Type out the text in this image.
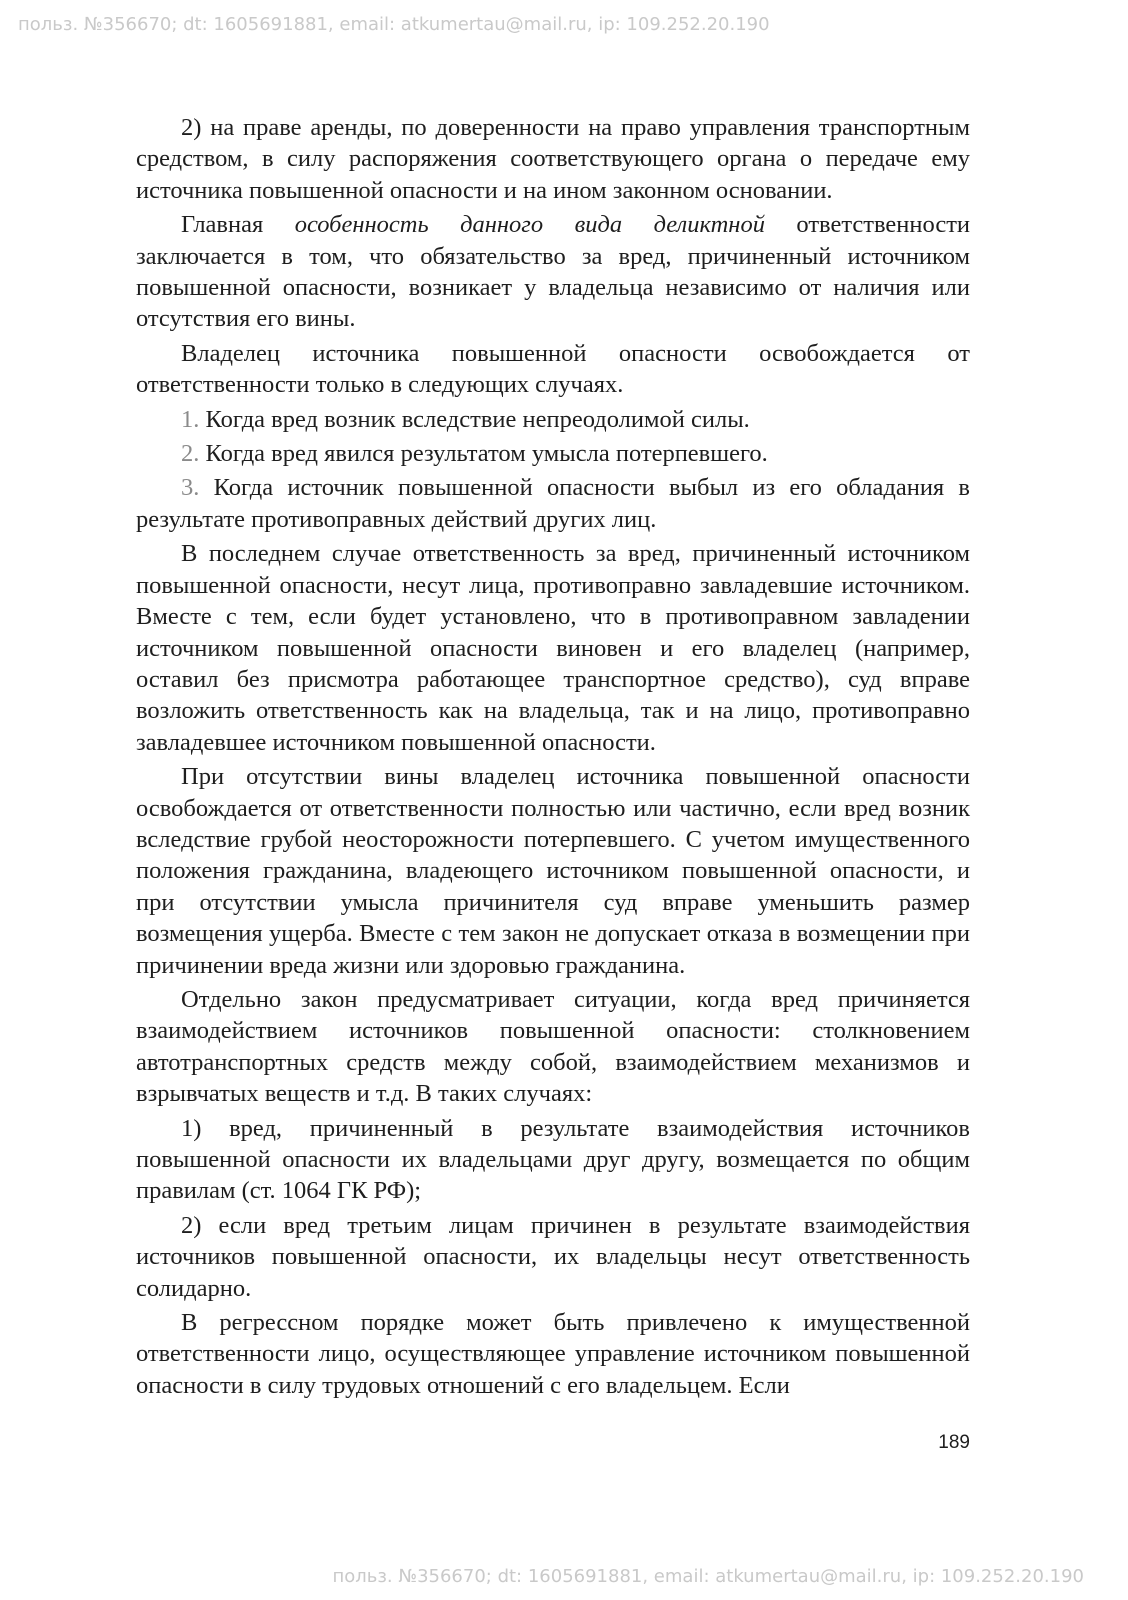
польз. №356670; dt: 1605691881, email: atkumertau@mail.ru, ip: 109.252.20.190

2) на праве аренды, по доверенности на право управления транспортным средством, в силу распоряжения соответствующего органа о передаче ему источника повышенной опасности и на ином законном основании.

Главная особенность данного вида деликтной ответственности заключается в том, что обязательство за вред, причиненный источником повышенной опасности, возникает у владельца независимо от наличия или отсутствия его вины.

Владелец источника повышенной опасности освобождается от ответственности только в следующих случаях.

1. Когда вред возник вследствие непреодолимой силы.

2. Когда вред явился результатом умысла потерпевшего.

3. Когда источник повышенной опасности выбыл из его обладания в результате противоправных действий других лиц.

В последнем случае ответственность за вред, причиненный источником повышенной опасности, несут лица, противоправно завладевшие источником. Вместе с тем, если будет установлено, что в противоправном завладении источником повышенной опасности виновен и его владелец (например, оставил без присмотра работающее транспортное средство), суд вправе возложить ответственность как на владельца, так и на лицо, противоправно завладевшее источником повышенной опасности.

При отсутствии вины владелец источника повышенной опасности освобождается от ответственности полностью или частично, если вред возник вследствие грубой неосторожности потерпевшего. С учетом имущественного положения гражданина, владеющего источником повышенной опасности, и при отсутствии умысла причинителя суд вправе уменьшить размер возмещения ущерба. Вместе с тем закон не допускает отказа в возмещении при причинении вреда жизни или здоровью гражданина.

Отдельно закон предусматривает ситуации, когда вред причиняется взаимодействием источников повышенной опасности: столкновением автотранспортных средств между собой, взаимодействием механизмов и взрывчатых веществ и т.д. В таких случаях:

1) вред, причиненный в результате взаимодействия источников повышенной опасности их владельцами друг другу, возмещается по общим правилам (ст. 1064 ГК РФ);

2) если вред третьим лицам причинен в результате взаимодействия источников повышенной опасности, их владельцы несут ответственность солидарно.

В регрессном порядке может быть привлечено к имущественной ответственности лицо, осуществляющее управление источником повышенной опасности в силу трудовых отношений с его владельцем. Если

189
польз. №356670; dt: 1605691881, email: atkumertau@mail.ru, ip: 109.252.20.190
